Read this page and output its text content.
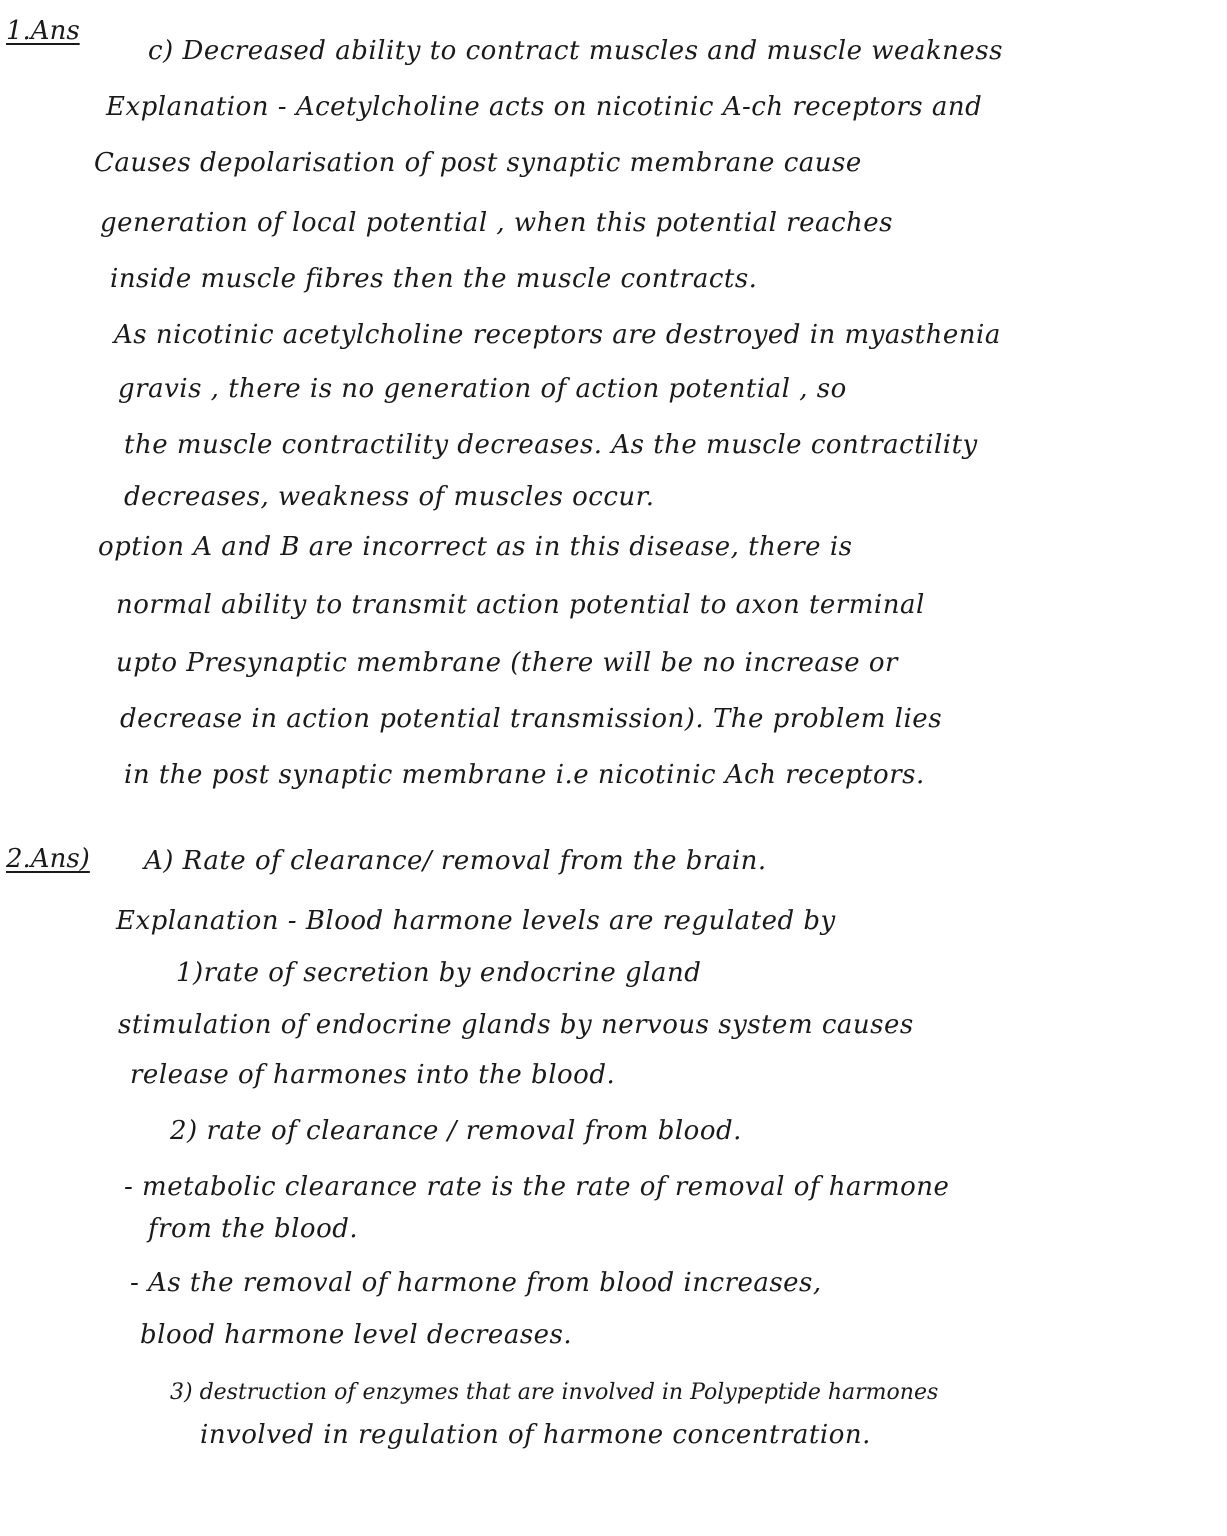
1.Ans
c) Decreased ability to contract muscles and muscle weakness
Explanation - Acetylcholine acts on nicotinic A-ch receptors and
Causes depolarisation of post synaptic membrane cause
generation of local potential , when this potential reaches
inside muscle fibres then the muscle contracts.
As nicotinic acetylcholine receptors are destroyed in myasthenia
gravis , there is no generation of action potential , so
the muscle contractility decreases. As the muscle contractility
decreases, weakness of muscles occur.
option A and B are incorrect as in this disease, there is
normal ability to transmit action potential to axon terminal
upto Presynaptic membrane (there will be no increase or
decrease in action potential transmission). The problem lies
in the post synaptic membrane i.e nicotinic Ach receptors.
2.Ans) A) Rate of clearance/ removal from the brain.
Explanation - Blood harmone levels are regulated by
1)rate of secretion by endocrine gland
stimulation of endocrine glands by nervous system causes
release of harmones into the blood.
2) rate of clearance / removal from blood.
- metabolic clearance rate is the rate of removal of harmone
from the blood.
- As the removal of harmone from blood increases,
blood harmone level decreases.
3) destruction of enzymes that are involved in Polypeptide harmones
involved in regulation of harmone concentration.
